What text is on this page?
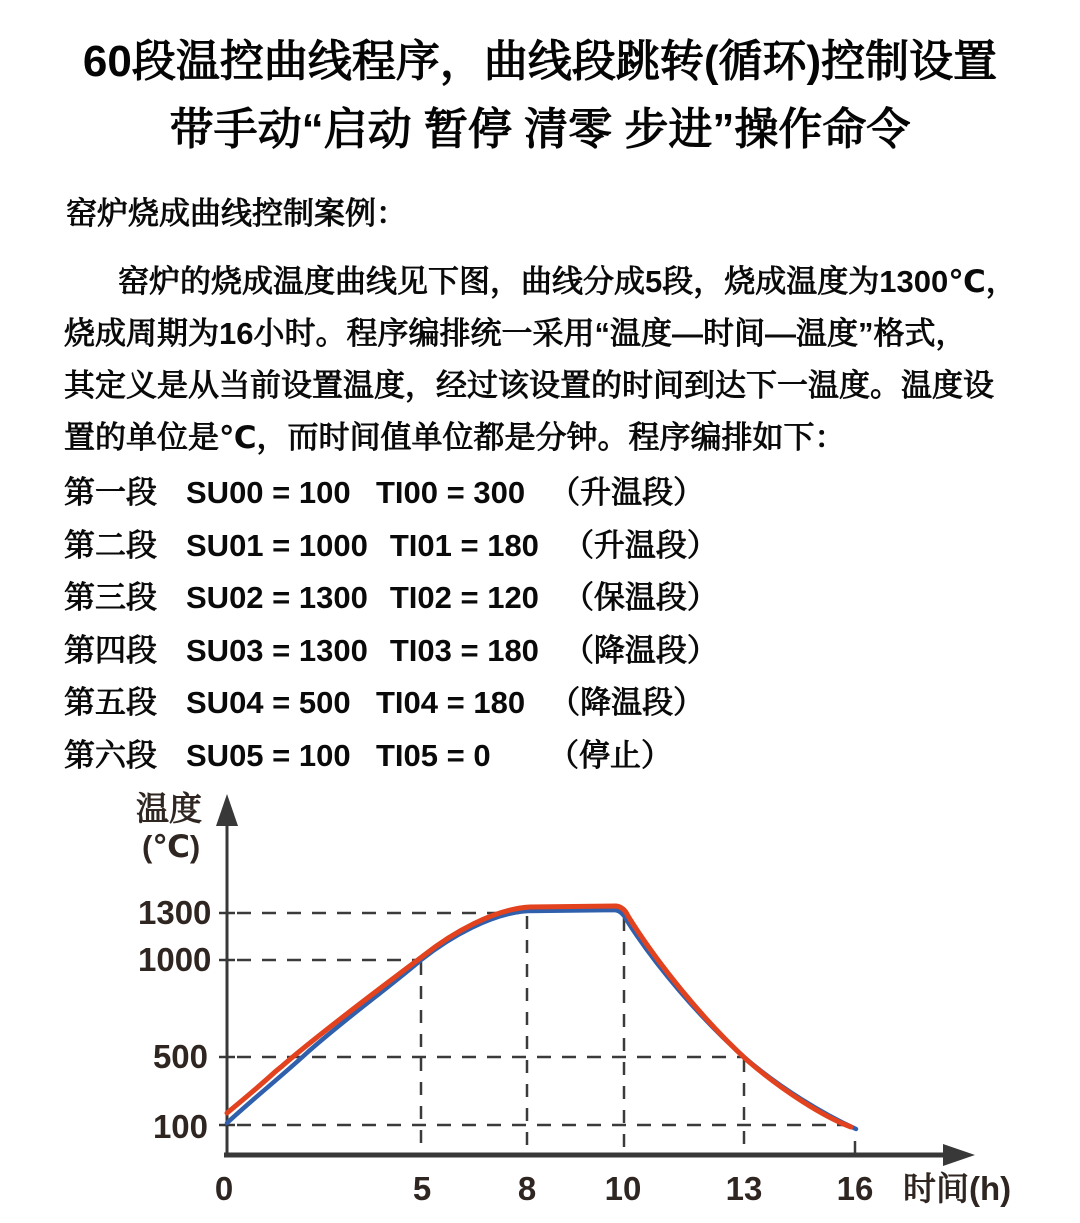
60段温控曲线程序，曲线段跳转(循环)控制设置
带手动“启动 暂停 清零 步进”操作命令
窑炉烧成曲线控制案例：
窑炉的烧成温度曲线见下图，曲线分成5段，烧成温度为1300℃，
烧成周期为16小时。程序编排统一采用“温度—时间—温度”格式，
其定义是从当前设置温度，经过该设置的时间到达下一温度。温度设
置的单位是℃，而时间值单位都是分钟。程序编排如下：
第一段 SU00 = 100 TI00 = 300 （升温段）
第二段 SU01 = 1000 TI01 = 180 （升温段）
第三段 SU02 = 1300 TI02 = 120 （保温段）
第四段 SU03 = 1300 TI03 = 180 （降温段）
第五段 SU04 = 500 TI04 = 180 （降温段）
第六段 SU05 = 100 TI05 = 0	（停止）
温度
(℃)
1300
1000
500
100
0	5	8	10	13	16 时间(h)
